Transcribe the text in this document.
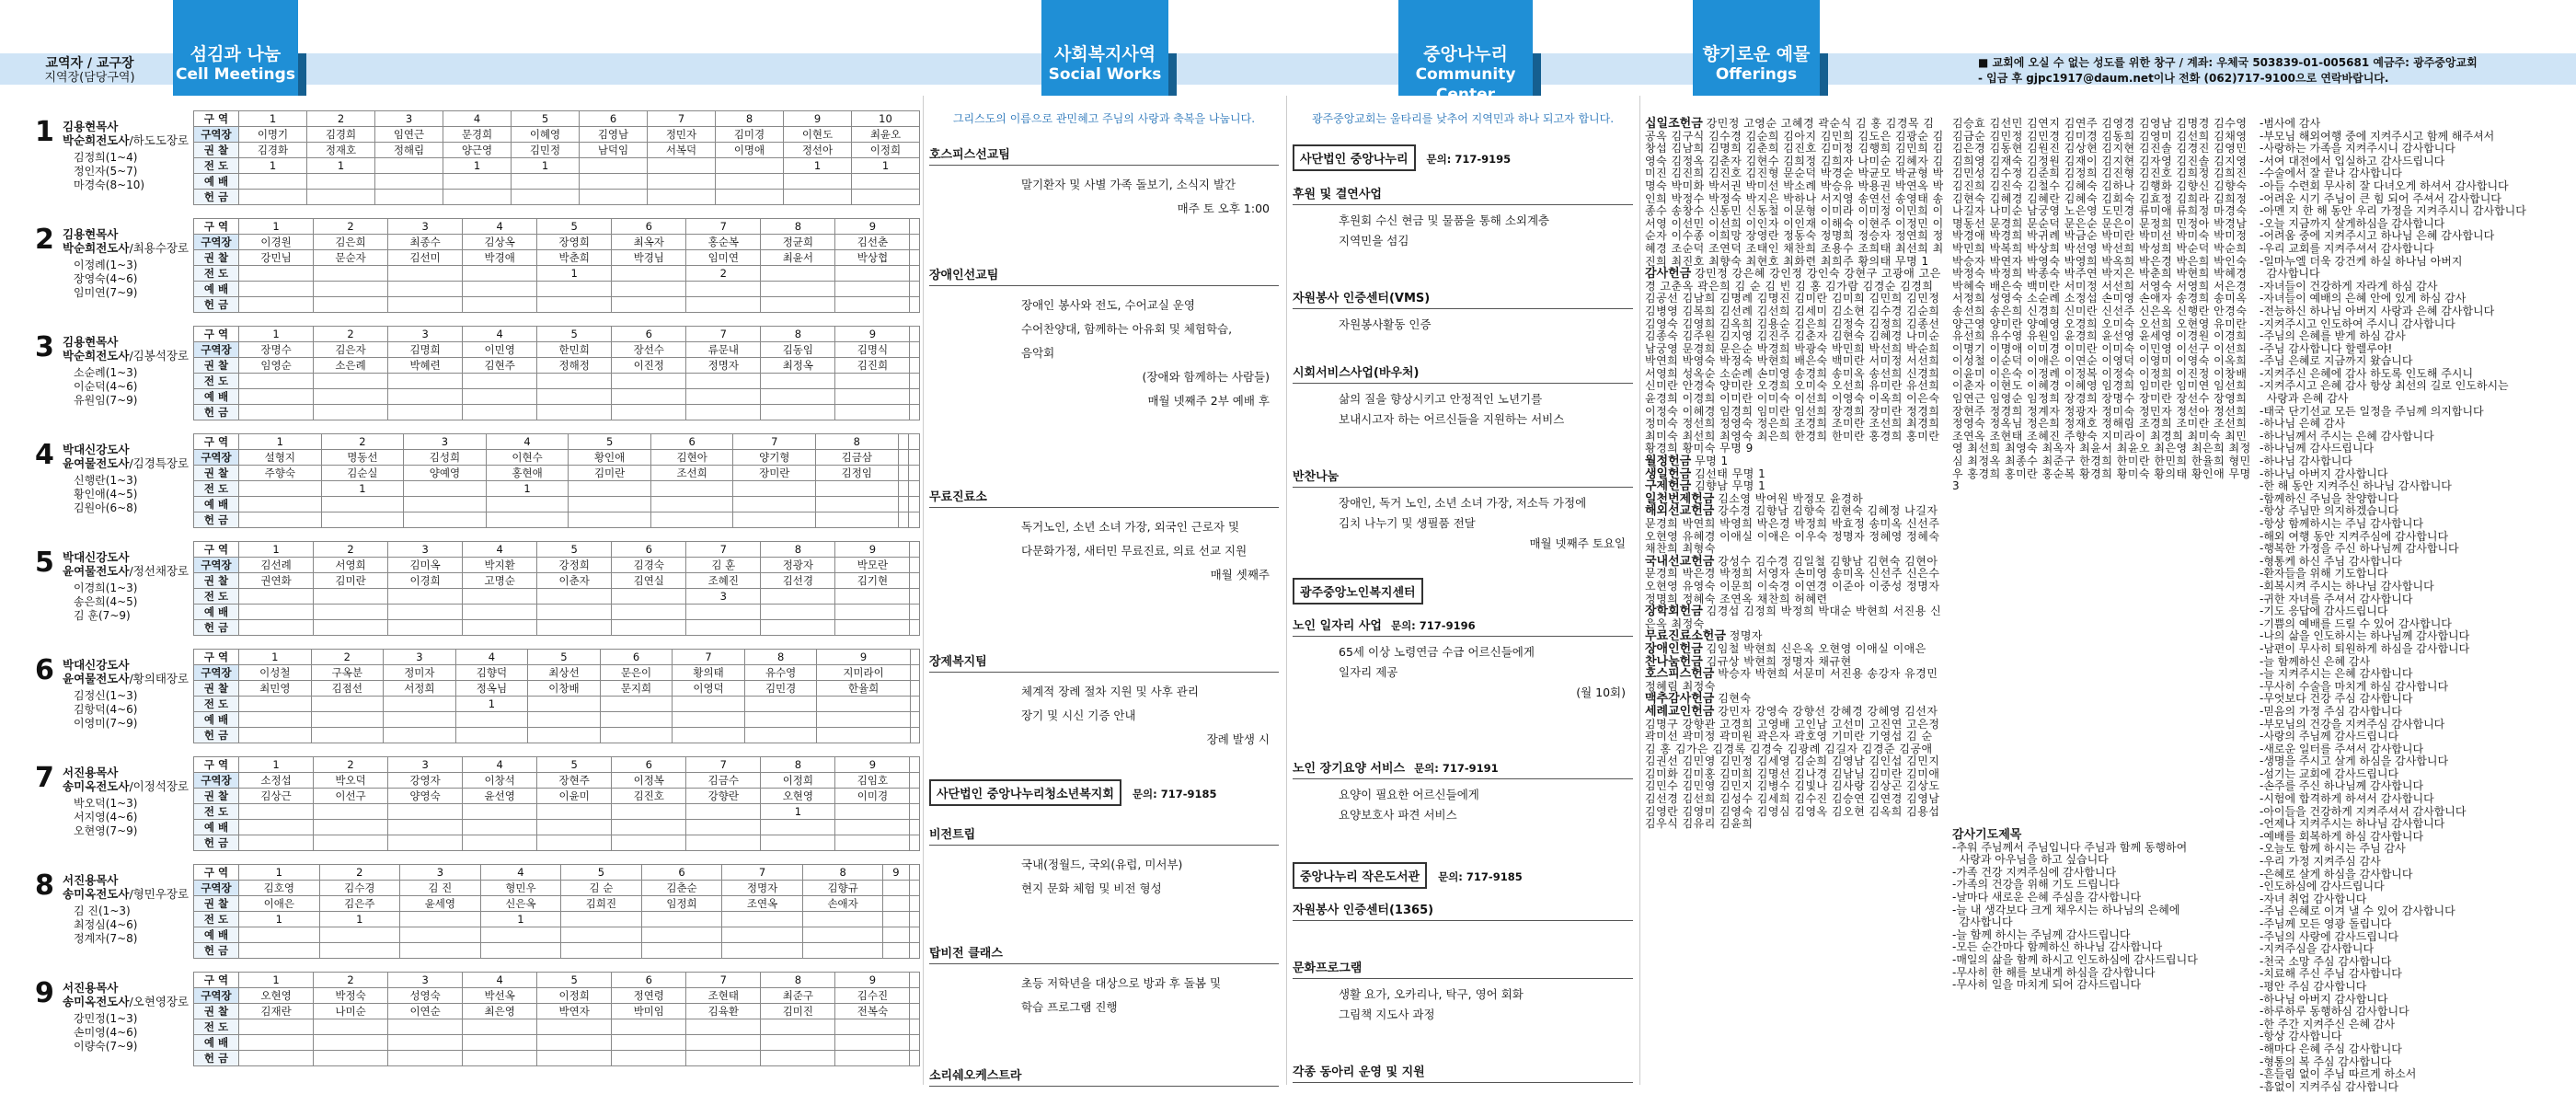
교역자 / 교구장
지역장(담당구역)
섬김과 나눔
Cell Meetings
사회복지사역
Social Works
중앙나누리
Community Center
향기로운 예물
Offerings
■ 교회에 오실 수 없는 성도를 위한 창구 / 계좌: 우체국 503839-01-005681 예금주: 광주중앙교회
- 입금 후 gjpc1917@daum.net이나 전화 (062)717-9100으로 연락바랍니다.
1 김용현목사
박순희전도사/하도도장로
김정희(1~4)
정인자(5~7)
마경숙(8~10)
구 역	1	2	3	4	5	6	7	8	9	10
구역장	이명기	김경희	임연근	문경희	이혜영	김영남	정민자	김미경	이현도	최윤오
권 찰	김경화	정재호	정해림	양근영	김민정	남덕임	서복덕	이명애	정선아	이정희
전 도	1	1		1	1				1	1
예 배										
헌 금										
2 김용현목사
박순희전도사/최용수장로
이정례(1~3)
장영숙(4~6)
임미연(7~9)
구 역	1	2	3	4	5	6	7	8	9	
구역장	이경원	김은희	최종수	김상옥	장영희	최옥자	홍순복	정균희	김선춘	
권 찰	강민님	문순자	김선미	박경애	박춘희	박경님	임미연	최윤서	박상협	
전 도					1		2			
예 배										
헌 금										
3 김용현목사
박순희전도사/김봉석장로
소순례(1~3)
이순덕(4~6)
유원임(7~9)
구 역	1	2	3	4	5	6	7	8	9	
구역장	장명수	김은자	김명희	이민영	한민희	장선수	류문내	김동임	김명식	
권 찰	임영순	소은례	박혜련	김현주	정해정	이진정	정명자	최정옥	김진희	
전 도										
예 배										
헌 금										
4 박대신강도사
윤여물전도사/김경특장로
신행란(1~3)
황인애(4~5)
김원아(6~8)
구 역	1	2	3	4	5	6	7	8		
구역장	설형지	명동선	김성희	이현수	황인애	김현아	양기형	김금삼		
권 찰	주향숙	김순실	양예영	홍현애	김미란	조선희	장미란	김정임		
전 도		1		1						
예 배										
헌 금										
5 박대신강도사
윤여물전도사/정선채장로
이경희(1~3)
송은희(4~5)
김 훈(7~9)
구 역	1	2	3	4	5	6	7	8	9	
구역장	김선례	서영희	김미옥	박지환	강정희	김경숙	김 훈	정광자	박모란	
권 찰	권연화	김미란	이경희	고명순	이춘자	김연실	조혜진	김선경	김기현	
전 도							3			
예 배										
헌 금										
6 박대신강도사
윤여물전도사/황의태장로
김정신(1~3)
김항덕(4~6)
이영미(7~9)
구 역	1	2	3	4	5	6	7	8	9	
구역장	이성철	구옥분	정미자	김향덕	최상선	문은이	황의태	유수영	지미라이	
권 찰	최민영	김점선	서정희	정옥님	이창배	문지희	이영덕	김민경	한율희	
전 도				1						
예 배										
헌 금										
7 서진용목사
송미옥전도사/이정석장로
박오덕(1~3)
서지영(4~6)
오현영(7~9)
구 역	1	2	3	4	5	6	7	8	9	
구역장	소정섭	박오덕	강영자	이창석	장현주	이정복	김금수	이정희	김임호	
권 찰	김상근	이선구	양영숙	윤선영	이윤미	김진호	강향란	오현영	이미경	
전 도								1		
예 배										
헌 금										
8 서진용목사
송미옥전도사/형민우장로
김 진(1~3)
최정심(4~6)
정계자(7~8)
구 역	1	2	3	4	5	6	7	8	9	
구역장	김호영	김수경	김 진	형민우	김 순	김춘순	정명자	김향규		
권 찰	이애은	김은주	윤세영	신은옥	김희진	임정희	조연옥	손애자		
전 도	1	1		1						
예 배										
헌 금										
9 서진용목사
송미옥전도사/오현영장로
강민정(1~3)
손미영(4~6)
이량숙(7~9)
구 역	1	2	3	4	5	6	7	8	9	
구역장	오현영	박정숙	성영숙	박선옥	이정희	정연령	조현태	최준구	김수진	
권 찰	김재란	나미순	이연순	최은영	박연자	박미임	김육환	김미진	전복숙	
전 도										
예 배										
헌 금										
그리스도의 이름으로 관민혜고 주님의 사랑과 축복을 나눕니다.
호스피스선교팀
말기환자 및 사별 가족 돌보기, 소식지 발간
매주 토 오후 1:00
장애인선교팀
장애인 봉사와 전도, 수어교실 운영
수어찬양대, 함께하는 아유회 및 체험학습,
음악회
(장애와 함께하는 사람들)
매월 넷째주 2부 예배 후
무료진료소
독거노인, 소년 소녀 가장, 외국인 근로자 및
다문화가정, 새터민 무료진료, 의료 선교 지원
매월 셋째주
장제복지팀
체계적 장례 절차 지원 및 사후 관리
장기 및 시신 기증 안내
장례 발생 시
사단법인 중앙나누리청소년복지회 문의: 717-9185
비전트립
국내(정월드, 국외(유럽, 미서부)
현지 문화 체험 및 비전 형성
탑비전 클래스
초등 저학년을 대상으로 방과 후 돌봄 및
학습 프로그램 진행
소리쉐오케스트라
광주중앙교회는 울타리를 낮추어 지역민과 하나 되고자 합니다.
사단법인 중앙나누리 문의: 717-9195
후원 및 결연사업
후원회 수신 현금 및 물품을 통해 소외계층
지역민을 섬김
자원봉사 인증센터(VMS)
자원봉사활동 인증
시회서비스사업(바우처)
삶의 질을 향상시키고 안정적인 노년기를
보내시고자 하는 어르신들을 지원하는 서비스
반찬나눔
장애인, 독거 노인, 소년 소녀 가장, 저소득 가정에
김치 나누기 및 생필품 전달
매월 넷째주 토요일
광주중앙노인복지센터
노인 일자리 사업 문의: 717-9196
65세 이상 노령연금 수급 어르신들에게
일자리 제공
(월 10회)
노인 장기요양 서비스 문의: 717-9191
요양이 필요한 어르신들에게
요양보호사 파견 서비스
중앙나누리 작은도서관 문의: 717-9185
자원봉사 인증센터(1365)
문화프로그램
생활 요가, 오카리나, 탁구, 영어 회화
그림책 지도사 과정
각종 동아리 운영 및 지원
십일조헌금 강민정 고영순 고혜경 곽순식 김 홍 김경목 김공옥 김구식 김수경 김순희 김아지 김민희 김도은 김광순 김창섭 김남희 김명희 김춘희 김진호 김미정 김행희 김민희 김영숙 김정옥 김춘자 김현수 김희정 김희자 나미순 김혜자 김미진 김진희 김진호 김진형 문순덕 박경순 박균모 박균형 박명숙 박미화 박서권 박미선 박소례 박승유 박용권 박연옥 박인희 박정수 박정숙 박지은 박하나 서지영 송연선 송영태 송종수 송창수 신동민 신동철 이문형 이미라 이미정 이민희 이서영 이선민 이선희 이인자 이인재 이해숙 이현주 이정민 이순자 이수종 이희망 장영란 정동숙 정명희 정승자 정연희 정혜경 조순덕 조연덕 조태인 채찬희 조용수 조희태 최선희 최진희 최진호 최향숙 최현호 최화련 최희주 황의태 무명 1
감사헌금 강민정 강은혜 강인정 강인숙 강현구 고광애 고은경 고춘옥 곽은희 김 순 김 빈 김 홍 김가람 김경순 김경희 김공선 김남희 김명례 김명진 김미란 김미희 김민희 김민정 김병영 김복희 김선례 김선희 김세미 김소현 김수경 김순희 김영숙 김영희 김옥희 김용순 김은희 김정숙 김정희 김종선 김종숙 김주원 김지영 김진주 김춘자 김현숙 김혜경 나미순 남궁영 문경희 문은순 박경희 박광숙 박민희 박선희 박순희 박연희 박영숙 박정숙 박현희 배은숙 백미란 서미정 서선희 서영희 성옥순 소순례 손미영 송경희 송미옥 송선희 신경희 신미란 안경숙 양미란 오경희 오미숙 오선희 유미란 유선희 윤경희 이경희 이미란 이미숙 이선희 이영숙 이옥희 이은숙 이정숙 이혜경 임경희 임미란 임선희 장경희 장미란 정경희 정미숙 정선희 정영숙 정은희 조경희 조미란 조선희 최경희 최미숙 최선희 최영숙 최은희 한경희 한미란 홍경희 홍미란 황경희 황미숙 무명 9
월정헌금 무명 1
생일헌금 김선태 무명 1
구제헌금 김향남 무명 1
일천번제헌금 김소영 박여원 박정모 윤경하
해외선교헌금 강수경 김향남 김향숙 김현숙 김혜정 나길자 문경희 박연희 박영희 박은경 박정희 박효정 송미옥 신선주 오현영 유혜경 이애실 이애은 이우숙 정명자 정혜영 정혜숙 채찬희 최형숙
국내선교헌금 강성수 김수경 김일철 김향남 김현숙 김현아 문경희 박은경 박정희 서영자 손미영 송미옥 신선주 신은수 오현영 유영숙 이문희 이숙경 이연경 이준아 이중성 정명자 정명희 정혜숙 조연옥 채찬희 허혜련
장학회헌금 김경섭 김정희 박정희 박대순 박현희 서진용 신은옥 최정숙
무료진료소헌금 정명자
장애인헌금 김임철 박현희 신은옥 오현영 이애실 이애은
찬나눔헌금 김규상 박현희 정명자 채규현
호스피스헌금 박승자 박현희 서문미 서진용 송강자 유경민 정혜림 최정숙
맥추감사헌금 김현숙
세례교인헌금 강민자 강영숙 강향선 강혜경 강혜영 김선자 김명구 강향관 고경희 고영배 고인남 고선미 고진연 고은정 곽미선 곽미정 곽미원 곽은자 곽호영 기미란 기영섭 김 순 김 홍 김가은 김경록 김경숙 김광례 김길자 김경준 김공애 김권선 김민영 김민정 김세영 김순희 김영남 김인섭 김민지 김미화 김미홍 김미희 김명선 김나경 김남님 김미란 김미애 김민수 김민영 김민지 김병수 김빛나 김사랑 김상곤 김상도 김선경 김선희 김성수 김세희 김수진 김승연 김연경 김영남 김영란 김영미 김영숙 김영심 김영옥 김오현 김옥희 김용섭 김우식 김유리 김윤희
김승효 김선민 김연지 김연주 김영경 김영남 김명경 김수영 김금순 김민정 김민경 김미경 김동희 김영미 김선희 김채영 김은경 김동현 김원진 김상현 김지현 김진솔 김경진 김영민 김희영 김재숙 김정원 김재이 김지현 김자영 김진솔 김지영 김민성 김수정 김준희 김정희 김진형 김진호 김희정 김희진 김진희 김진숙 김철수 김혜숙 김하나 김행화 김향신 김향숙 김현숙 김혜경 김혜란 김혜숙 김회숙 김효정 김희라 김희정 나길자 나미순 남궁영 노은영 도민경 류미애 류희정 마경숙 명동선 문경희 문순덕 문은순 문은이 문정희 민정아 박경남 박경애 박경희 박귀례 박금순 박미란 박미선 박미숙 박미정 박민희 박복희 박상희 박선영 박선희 박성희 박순덕 박순희 박승자 박연자 박영숙 박영희 박옥희 박은경 박은희 박인숙 박정숙 박정희 박종숙 박주연 박지은 박춘희 박현희 박혜경 박혜숙 배은숙 백미란 서미정 서선희 서영숙 서영희 서은경 서정희 성영숙 소순례 소정섭 손미영 손애자 송경희 송미옥 송선희 송은희 신경희 신미란 신선주 신은옥 신행란 안경숙 양근영 양미란 양예영 오경희 오미숙 오선희 오현영 유미란 유선희 유수영 유원임 윤경희 윤선영 윤세영 이경원 이경희 이명기 이명애 이미경 이미란 이미숙 이민영 이선구 이선희 이성철 이순덕 이애은 이연순 이영덕 이영미 이영숙 이옥희 이윤미 이은숙 이정례 이정복 이정숙 이정희 이진정 이창배 이춘자 이현도 이혜경 이혜영 임경희 임미란 임미연 임선희 임연근 임영순 임정희 장경희 장명수 장미란 장선수 장영희 장현주 정경희 정계자 정광자 정미숙 정민자 정선아 정선희 정영숙 정옥님 정은희 정재호 정해림 조경희 조미란 조선희 조연옥 조현태 조혜진 주향숙 지미라이 최경희 최미숙 최민영 최선희 최영숙 최옥자 최윤서 최윤오 최은영 최은희 최정심 최정옥 최종수 최준구 한경희 한미란 한민희 한율희 형민우 홍경희 홍미란 홍순복 황경희 황미숙 황의태 황인애 무명 3
감사기도제목
-추워 주님께서 주님입니다 주님과 함께 동행하여
사랑과 아우님을 하고 싶습니다
-가족 건강 지켜주심에 감사합니다
-가족의 건강을 위해 기도 드립니다
-날마다 새로운 은혜 주심을 감사합니다
-늘 내 생각보다 크게 채우시는 하나님의 은혜에
감사합니다
-늘 함께 하시는 주님께 감사드립니다
-모든 순간마다 함께하신 하나님 감사합니다
-매일의 삶을 함께 하시고 인도하심에 감사드립니다
-무사히 한 해를 보내게 하심을 감사합니다
-무사히 일을 마치게 되어 감사드립니다
-범사에 감사
-부모님 해외여행 중에 지켜주시고 함께 해주셔서
-사랑하는 가족을 지켜주시니 감사합니다
-서여 대전에서 입실하고 감사드립니다
-수술에서 잘 끝나 감사합니다
-아들 수련회 무사히 잘 다녀오게 하셔서 감사합니다
-어려운 시기 주님이 큰 힘 되어 주셔서 감사합니다
-아멘 지 한 해 동안 우리 가정을 지켜주시니 감사합니다
-오늘 지금까지 살게하심을 감사합니다
-어려움 중에 지켜주시고 하나님 은혜 감사합니다
-우리 교회를 지켜주셔서 감사합니다
-일마누엘 더욱 강건케 하실 하나님 아버지
감사합니다
-자녀들이 건강하게 자라게 하심 감사
-자녀들이 예배의 은혜 안에 있게 하심 감사
-전능하신 하나님 아버지 사랑과 은혜 감사합니다
-지켜주시고 인도하여 주시니 감사합니다
-주님의 은혜를 받게 하심 감사
-주님 감사합니다 할렐루야!
-주님 은혜로 지금까지 왔습니다
-지켜주신 은혜에 감사 하도록 인도해 주시니
-지켜주시고 은혜 감사 항상 최선의 길로 인도하시는
사랑과 은혜 감사
-태국 단기선교 모든 일정을 주님께 의지합니다
-하나님 은혜 감사
-하나님께서 주시는 은혜 감사합니다
-하나님께 감사드립니다
-하나님 감사합니다
-하나님 아버지 감사합니다
-한 해 동안 지켜주신 하나님 감사합니다
-함께하신 주님을 찬양합니다
-항상 주님만 의지하겠습니다
-항상 함께하시는 주님 감사합니다
-해외 여행 동안 지켜주심에 감사합니다
-행복한 가정을 주신 하나님께 감사합니다
-형통케 하신 주님 감사합니다
-환자들을 위해 기도합니다
-회복시켜 주시는 하나님 감사합니다
-귀한 자녀를 주셔서 감사합니다
-기도 응답에 감사드립니다
-기쁨의 예배를 드릴 수 있어 감사합니다
-나의 삶을 인도하시는 하나님께 감사합니다
-남편이 무사히 퇴원하게 하심을 감사합니다
-늘 함께하신 은혜 감사
-늘 지켜주시는 은혜 감사합니다
-무사히 수술을 마치게 하심 감사합니다
-무엇보다 건강 주심 감사합니다
-믿음의 가정 주심 감사합니다
-부모님의 건강을 지켜주심 감사합니다
-사랑의 주님께 감사드립니다
-새로운 일터를 주셔서 감사합니다
-생명을 주시고 살게 하심을 감사합니다
-섬기는 교회에 감사드립니다
-손주를 주신 하나님께 감사합니다
-시험에 합격하게 하셔서 감사합니다
-아이들을 건강하게 지켜주셔서 감사합니다
-언제나 지켜주시는 하나님 감사합니다
-예배를 회복하게 하심 감사합니다
-오늘도 함께 하시는 주님 감사
-우리 가정 지켜주심 감사
-은혜로 살게 하심을 감사합니다
-인도하심에 감사드립니다
-자녀 취업 감사합니다
-주님 은혜로 이겨 낼 수 있어 감사합니다
-주님께 모든 영광 돌립니다
-주님의 사랑에 감사드립니다
-지켜주심을 감사합니다
-천국 소망 주심 감사합니다
-치료해 주신 주님 감사합니다
-평안 주심 감사합니다
-하나님 아버지 감사합니다
-하루하루 동행하심 감사합니다
-한 주간 지켜주신 은혜 감사
-항상 감사합니다
-해마다 은혜 주심 감사합니다
-형통의 복 주심 감사합니다
-흔들림 없이 주님 따르게 하소서
-흠없이 지켜주심 감사합니다
